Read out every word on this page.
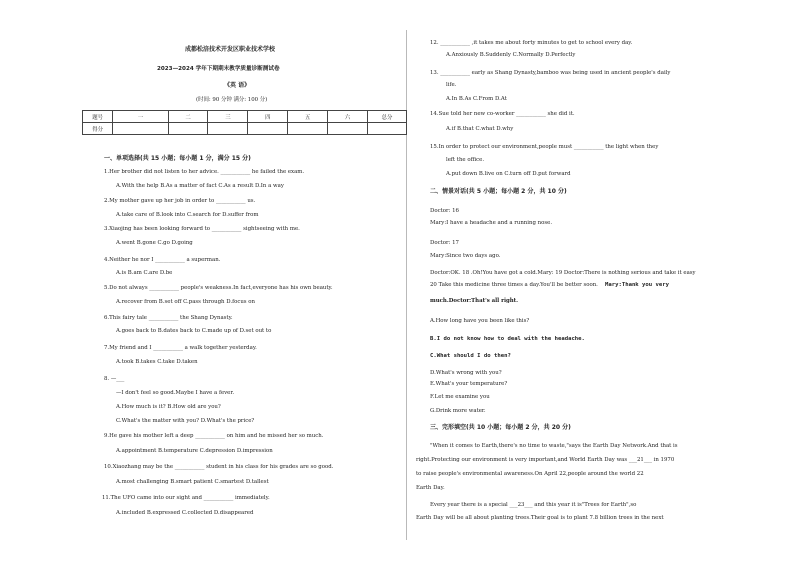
成都松涪技术开发区职业技术学校
2023—2024 学年下期期末教学质量诊断测试卷
《英 语》
(时间: 90 分钟 满分: 100 分)
题号	一	二	三	四	五	六	总分
得分							
一、单项选择(共 15 小题；每小题 1 分，满分 15 分)
1.Her brother did not listen to her advice. ___________ he failed the exam.
A.With the help B.As a matter of fact C.As a result D.In a way
2.My mother gave up her job in order to ___________ us.
A.take care of B.look into C.search for D.suffer from
3.Xiaojing has been looking forward to ___________ sightseeing with me.
A.went B.gone C.go D.going
4.Neither he nor I ___________ a superman.
A.is B.am C.are D.be
5.Do not always ___________ people's weakness.In fact,everyone has his own beauty.
A.recover from B.set off C.pass through D.focus on
6.This fairy tale ___________ the Shang Dynasty.
A.goes back to B.dates back to C.made up of D.set out to
7.My friend and I ___________ a walk together yesterday.
A.took B.takes C.take D.taken
8. —___
—I don't feel so good.Maybe I have a fever.
A.How much is it? B.How old are you?
C.What's the matter with you? D.What's the price?
9.He gave his mother left a deep ___________ on him and he missed her so much.
A.appointment B.temperature C.depression D.impression
10.Xiaozhang may be the ___________ student in his class for his grades are so good.
A.most challenging B.smart patient C.smartest D.tallest
11.The UFO came into our sight and ___________ immediately.
A.included B.expressed C.collected D.disappeared
12. ___________ ,it takes me about forty minutes to get to school every day.
A.Anxiously B.Suddenly C.Normally D.Perfectly
13. ___________ early as Shang Dynasty,bamboo was being used in ancient people's daily
life.
A.In B.As C.From D.At
14.Sue told her new co-worker ___________ she did it.
A.if B.that C.what D.why
15.In order to protect our environment,people must ___________ the light when they
left the office.
A.put down B.live on C.turn off D.put forward
二、情景对话(共 5 小题；每小题 2 分，共 10 分)
Doctor: 16
Mary:I have a headache and a running nose.
Doctor: 17
Mary:Since two days ago.
Doctor:OK. 18 .Oh!You have got a cold.Mary: 19 Doctor:There is nothing serious and take it easy
20 Take this medicine three times a day.You'll be better soon. Mary:Thank you very
much.Doctor:That's all right.
A.How long have you been like this?
B.I do not know how to deal with the headache.
C.What should I do then?
D.What's wrong with you?
E.What's your temperature?
F.Let me examine you
G.Drink more water.
三、完形填空(共 10 小题；每小题 2 分，共 20 分)
"When it comes to Earth,there's no time to waste,"says the Earth Day Network.And that is
right.Protecting our environment is very important,and World Earth Day was ___21___ in 1970
to raise people's environmental awareness.On April 22,people around the world 22
Earth Day.
Every year there is a special ___23___ and this year it is"Trees for Earth",so
Earth Day will be all about planting trees.Their goal is to plant 7.8 billion trees in the next
